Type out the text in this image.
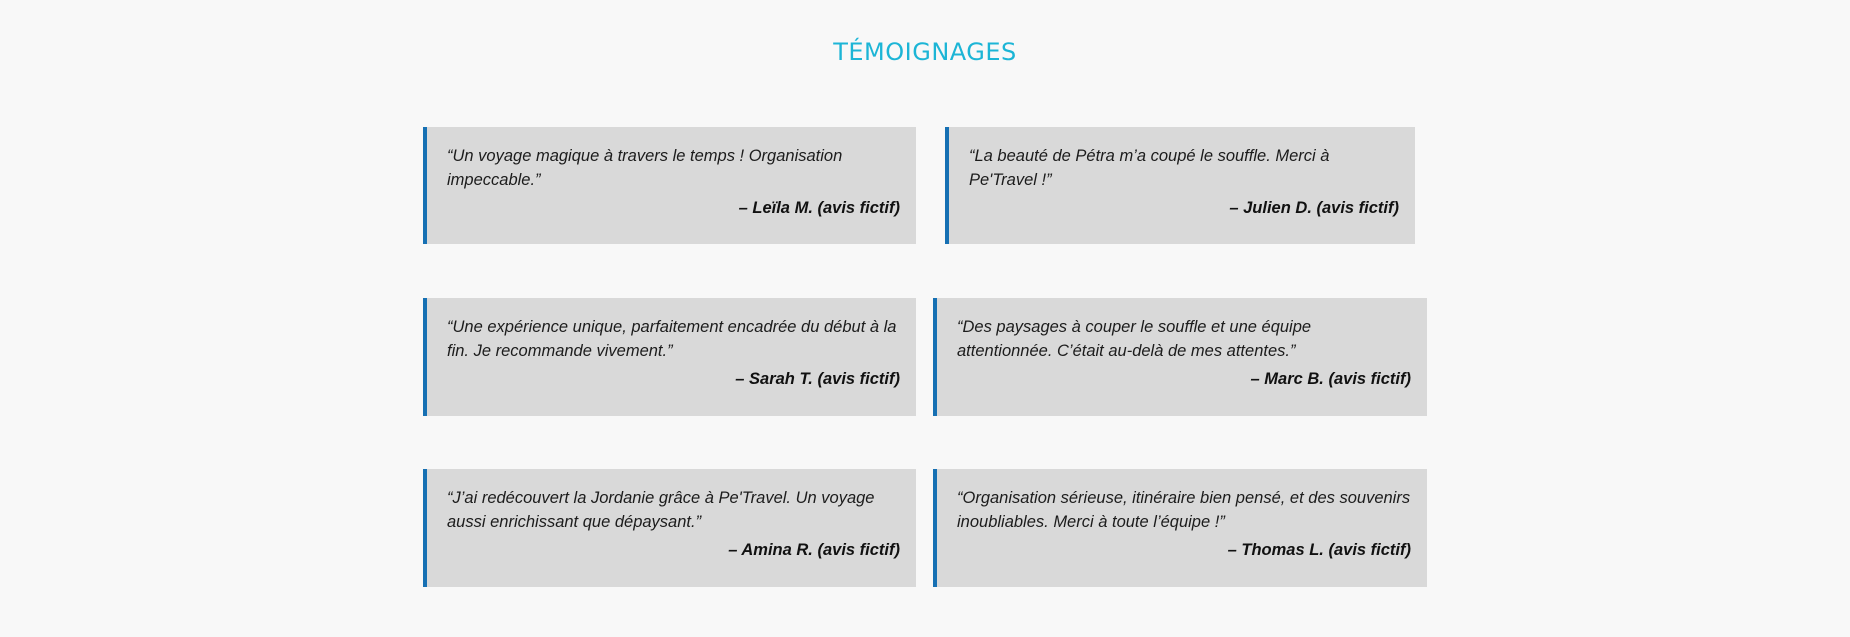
TÉMOIGNAGES

“Un voyage magique à travers le temps ! Organisation impeccable.”

– Leïla M. (avis fictif)

“La beauté de Pétra m’a coupé le souffle. Merci à Pe'Travel !”

– Julien D. (avis fictif)

“Une expérience unique, parfaitement encadrée du début à la fin. Je recommande vivement.”

– Sarah T. (avis fictif)

“Des paysages à couper le souffle et une équipe attentionnée. C’était au-delà de mes attentes.”

– Marc B. (avis fictif)

“J’ai redécouvert la Jordanie grâce à Pe'Travel. Un voyage aussi enrichissant que dépaysant.”

– Amina R. (avis fictif)

“Organisation sérieuse, itinéraire bien pensé, et des souvenirs inoubliables. Merci à toute l’équipe !”

– Thomas L. (avis fictif)
